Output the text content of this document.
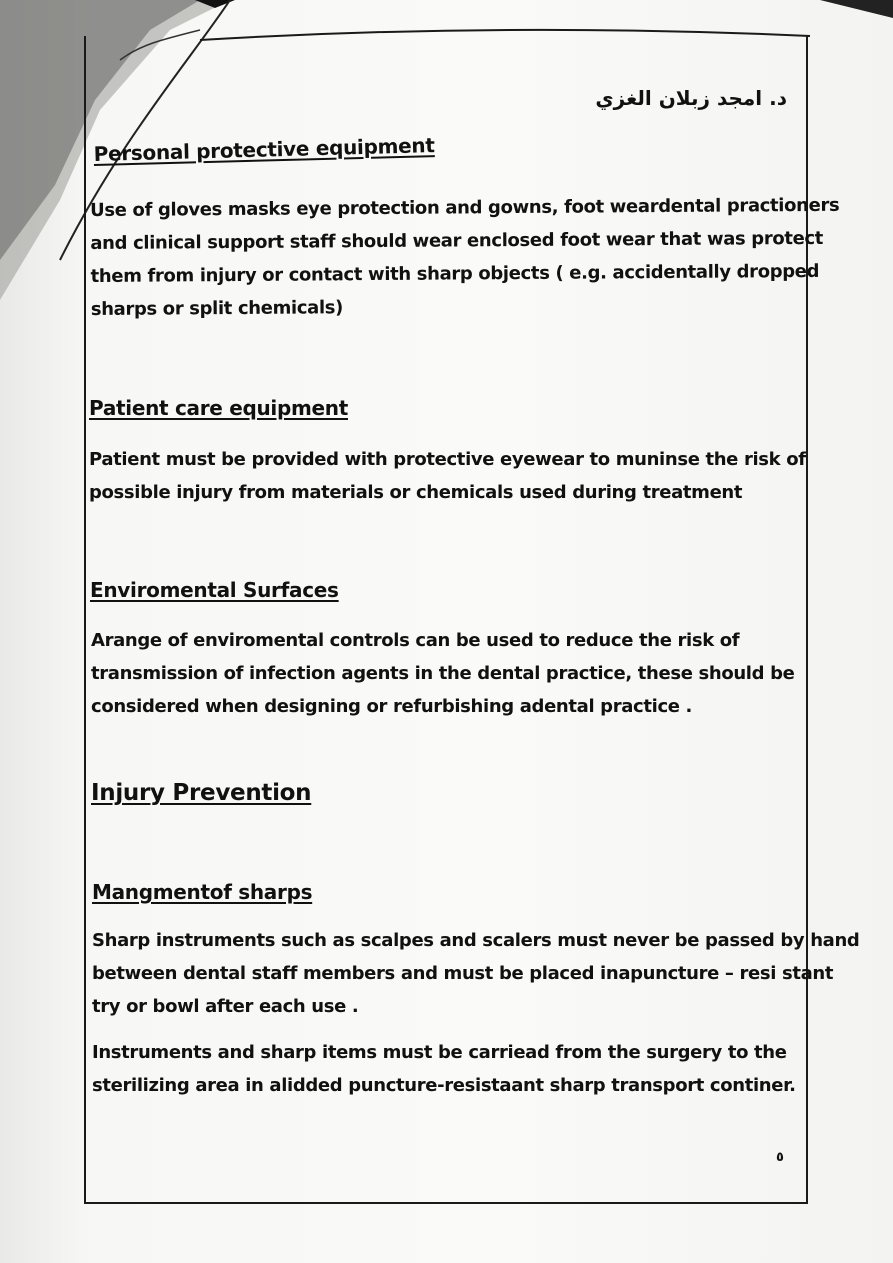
د. امجد زبلان الغزي
Personal protective equipment
Use of gloves masks eye protection and gowns, foot weardental practioners
and clinical support staff should wear enclosed foot wear that was protect
them from injury or contact with sharp objects ( e.g. accidentally dropped
sharps or split chemicals)
Patient care equipment
Patient must be provided with protective eyewear to muninse the risk of
possible injury from materials or chemicals used during treatment
Enviromental Surfaces
Arange of enviromental controls can be used to reduce the risk of
transmission of infection agents in the dental practice, these should be
considered when designing or refurbishing adental practice .
Injury Prevention
Mangmentof sharps
Sharp instruments such as scalpes and scalers must never be passed by hand
between dental staff members and must be placed inapuncture – resi stant
try or bowl after each use .
Instruments and sharp items must be carriead from the surgery to the
sterilizing area in alidded puncture-resistaant sharp transport continer.
٥
